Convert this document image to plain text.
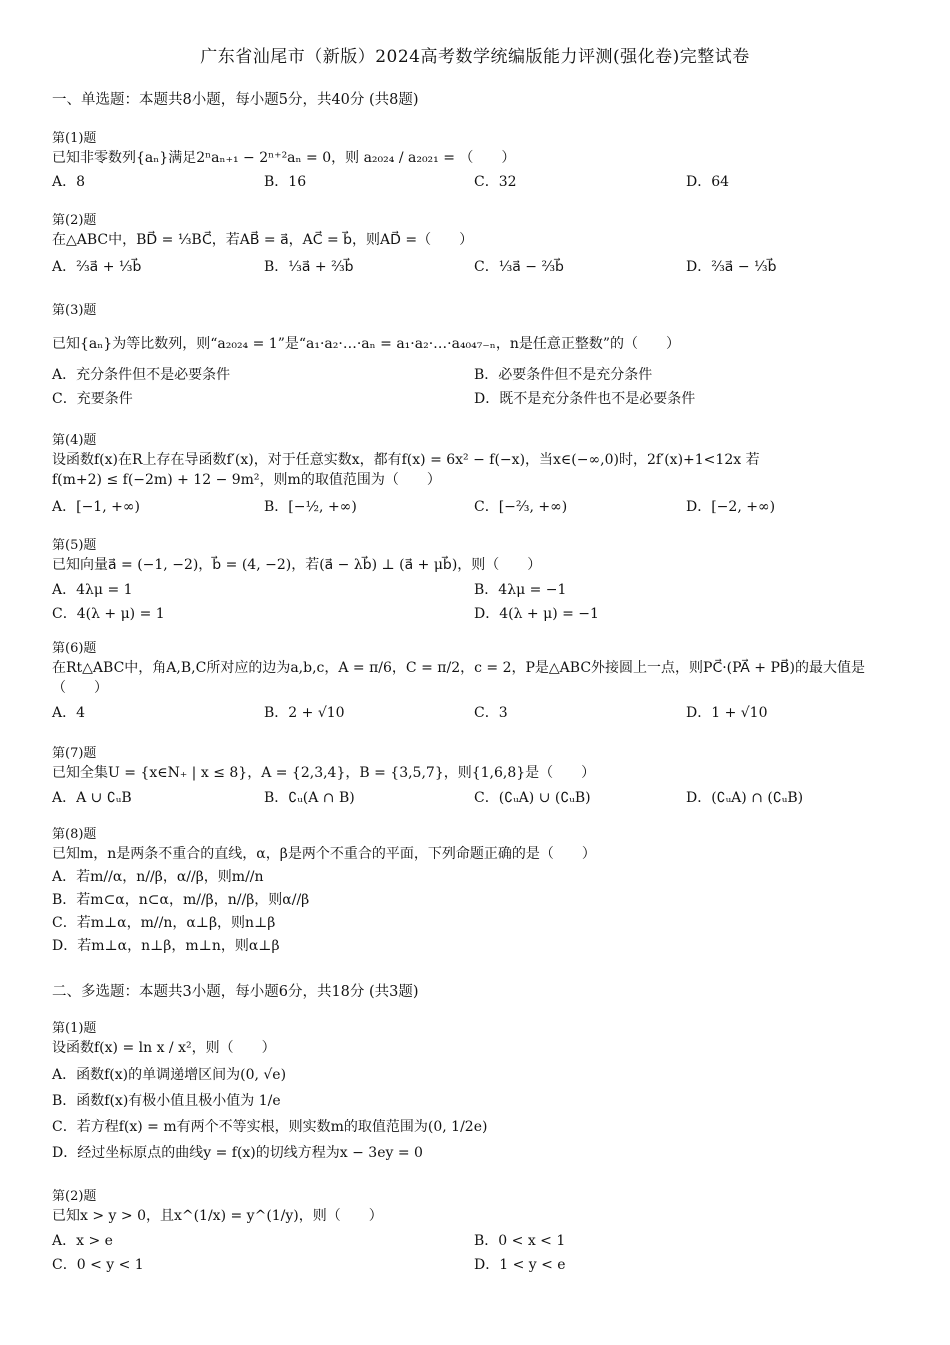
广东省汕尾市（新版）2024高考数学统编版能力评测(强化卷)完整试卷
一、单选题：本题共8小题，每小题5分，共40分 (共8题)
第(1)题
已知非零数列{aₙ}满足2ⁿaₙ₊₁ − 2ⁿ⁺²aₙ = 0，则 a₂₀₂₄ / a₂₀₂₁ = （　　）
A．8	B．16	C．32	D．64
第(2)题
在△ABC中，BD⃗ = ⅓BC⃗，若AB⃗ = a⃗，AC⃗ = b⃗，则AD⃗ =（　　）
A．⅔a⃗ + ⅓b⃗	B．⅓a⃗ + ⅔b⃗	C．⅓a⃗ − ⅔b⃗	D．⅔a⃗ − ⅓b⃗
第(3)题
已知{aₙ}为等比数列，则“a₂₀₂₄ = 1”是“a₁·a₂·…·aₙ = a₁·a₂·…·a₄₀₄₇₋ₙ，n是任意正整数”的（　　）
A．充分条件但不是必要条件	B．必要条件但不是充分条件
C．充要条件	D．既不是充分条件也不是必要条件
第(4)题
设函数f(x)在R上存在导函数f′(x)，对于任意实数x，都有f(x) = 6x² − f(−x)，当x∈(−∞,0)时，2f′(x)+1<12x 若
f(m+2) ≤ f(−2m) + 12 − 9m²，则m的取值范围为（　　）
A．[−1, +∞)	B．[−½, +∞)	C．[−⅔, +∞)	D．[−2, +∞)
第(5)题
已知向量a⃗ = (−1, −2)，b⃗ = (4, −2)，若(a⃗ − λb⃗) ⊥ (a⃗ + μb⃗)，则（　　）
A．4λμ = 1	B．4λμ = −1
C．4(λ + μ) = 1	D．4(λ + μ) = −1
第(6)题
在Rt△ABC中，角A,B,C所对应的边为a,b,c，A = π/6，C = π/2，c = 2，P是△ABC外接圆上一点，则PC⃗·(PA⃗ + PB⃗)的最大值是
（　　）
A．4	B．2 + √10	C．3	D．1 + √10
第(7)题
已知全集U = {x∈N₊ | x ≤ 8}，A = {2,3,4}，B = {3,5,7}，则{1,6,8}是（　　）
A．A ∪ ∁ᵤB	B．∁ᵤ(A ∩ B)	C．(∁ᵤA) ∪ (∁ᵤB)	D．(∁ᵤA) ∩ (∁ᵤB)
第(8)题
已知m，n是两条不重合的直线，α，β是两个不重合的平面，下列命题正确的是（　　）
A．若m//α，n//β，α//β，则m//n
B．若m⊂α，n⊂α，m//β，n//β，则α//β
C．若m⊥α，m//n，α⊥β，则n⊥β
D．若m⊥α，n⊥β，m⊥n，则α⊥β
二、多选题：本题共3小题，每小题6分，共18分 (共3题)
第(1)题
设函数f(x) = ln x / x²，则（　　）
A．函数f(x)的单调递增区间为(0, √e)
B．函数f(x)有极小值且极小值为 1/e
C．若方程f(x) = m有两个不等实根，则实数m的取值范围为(0, 1/2e)
D．经过坐标原点的曲线y = f(x)的切线方程为x − 3ey = 0
第(2)题
已知x > y > 0，且x^(1/x) = y^(1/y)，则（　　）
A．x > e	B．0 < x < 1
C．0 < y < 1	D．1 < y < e
